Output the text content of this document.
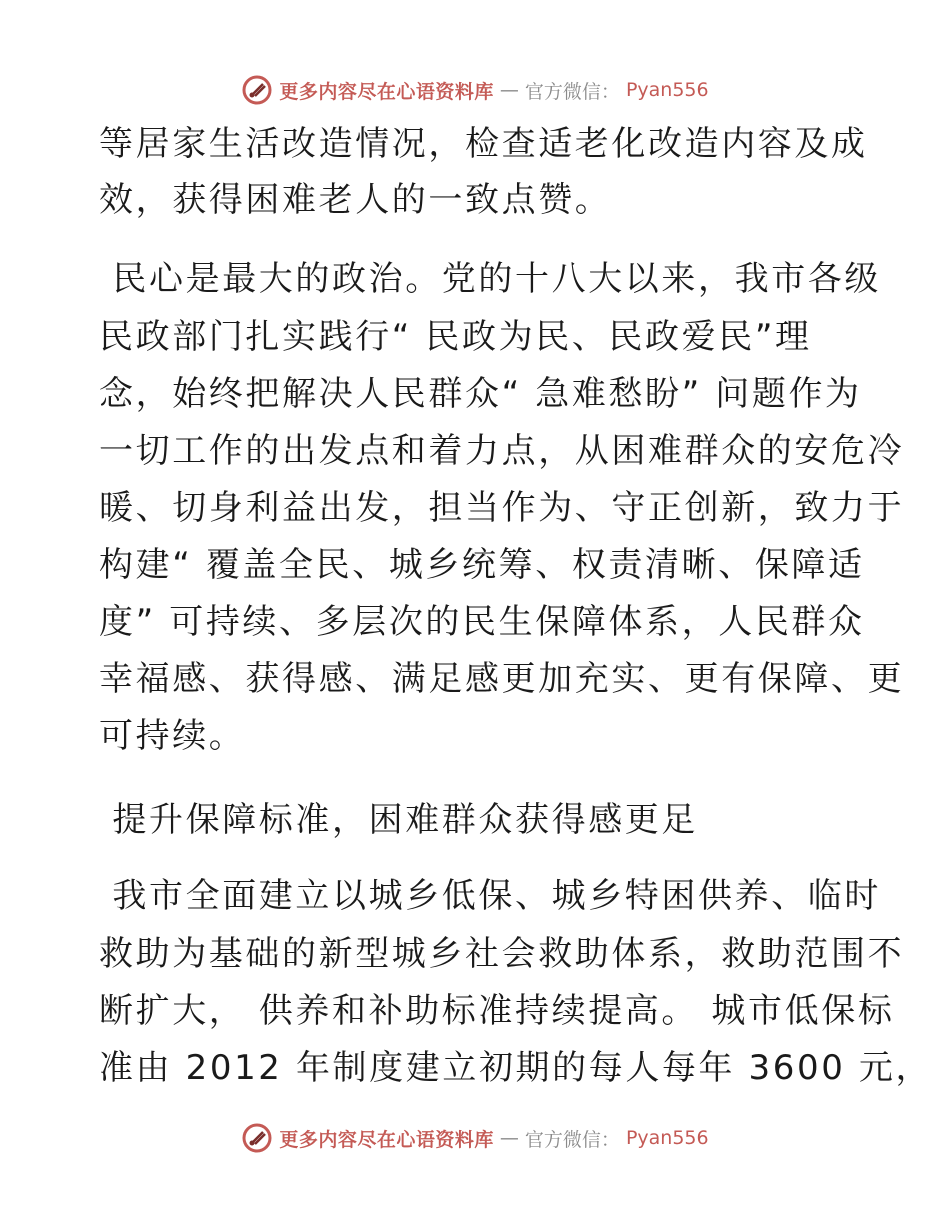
更多内容尽在心语资料库 — 官方微信： Pyan556
等居家生活改造情况，检查适老化改造内容及成
效，获得困难老人的一致点赞。
民心是最大的政治。党的十八大以来，我市各级
民政部门扎实践行“ 民政为民、民政爱民”理
念，始终把解决人民群众“ 急难愁盼” 问题作为
一切工作的出发点和着力点，从困难群众的安危冷
暖、切身利益出发，担当作为、守正创新，致力于
构建“ 覆盖全民、城乡统筹、权责清晰、保障适
度” 可持续、多层次的民生保障体系，人民群众
幸福感、获得感、满足感更加充实、更有保障、更
可持续。
提升保障标准，困难群众获得感更足
我市全面建立以城乡低保、城乡特困供养、临时
救助为基础的新型城乡社会救助体系，救助范围不
断扩大， 供养和补助标准持续提高。 城市低保标
准由 2012 年制度建立初期的每人每年 3600 元，
更多内容尽在心语资料库 — 官方微信： Pyan556
